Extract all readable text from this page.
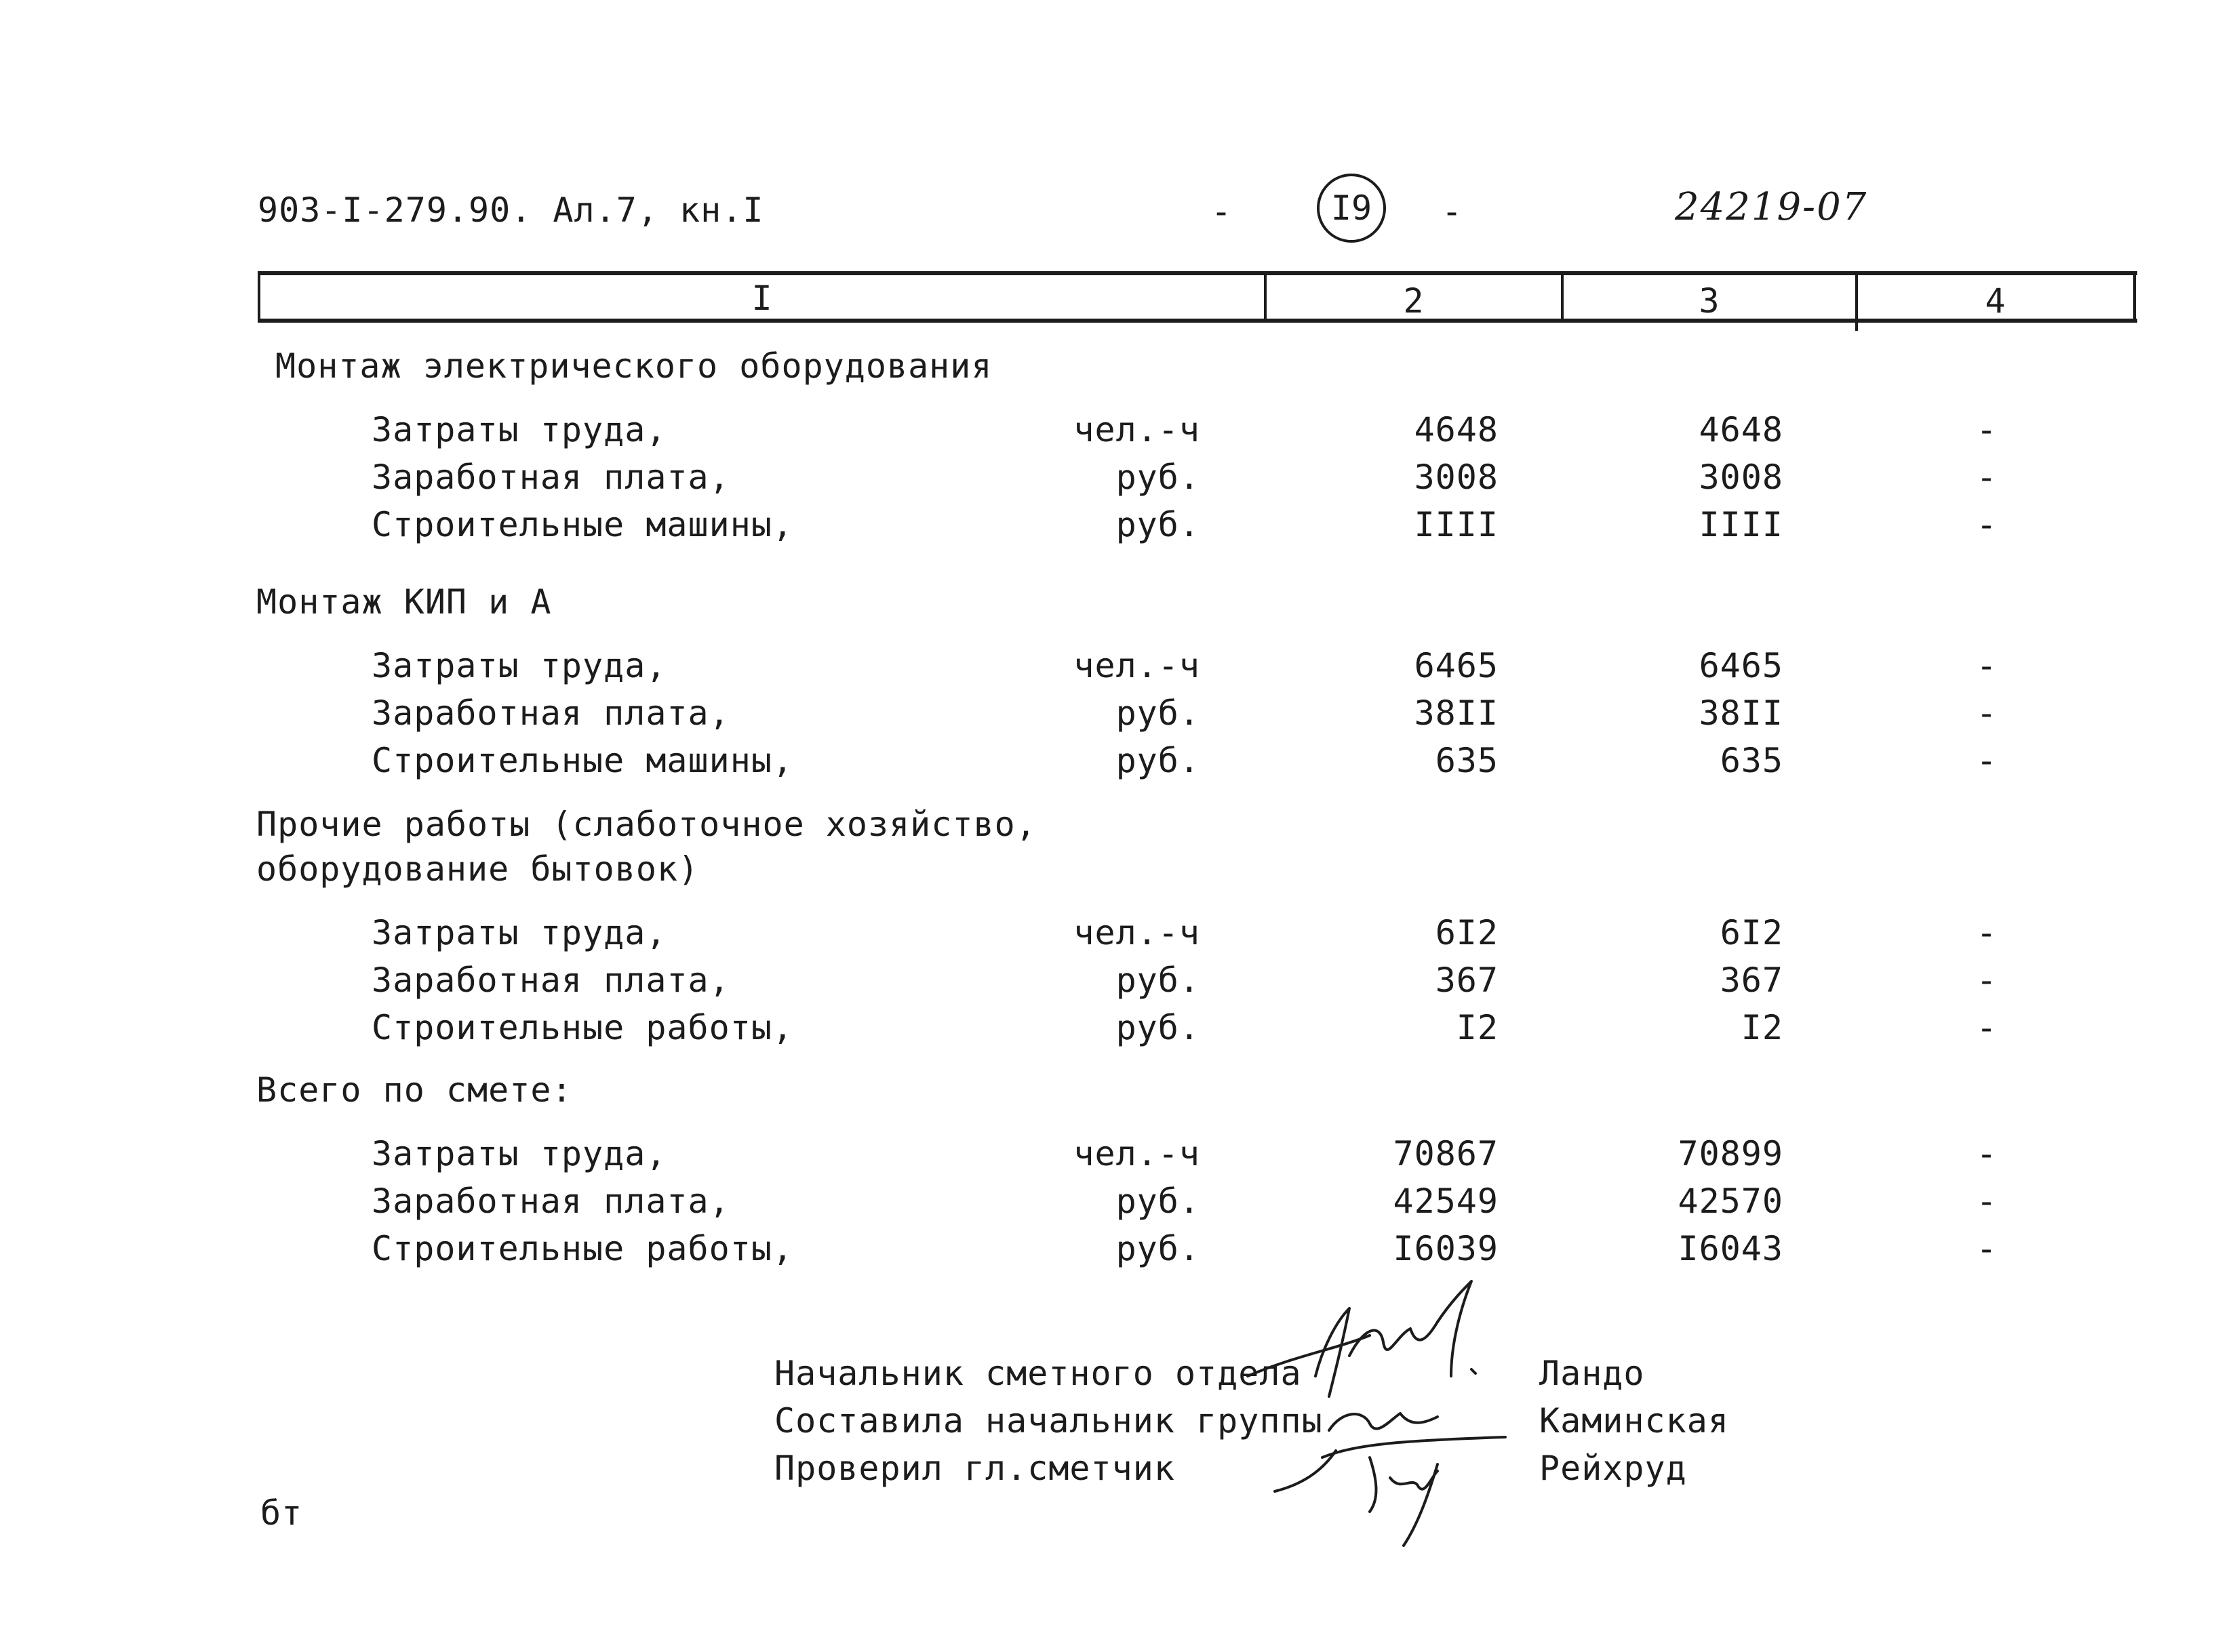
903-I-279.90. Ал.7, кн.I	-	I9 -	24219-07
I	2	3	4
Монтаж электрического оборудования
Затраты труда,	чел.-ч	4648	4648	-
Заработная плата,	руб.	3008	3008	-
Строительные машины,	руб.	IIII	IIII	-
Монтаж КИП и А
Затраты труда,	чел.-ч	6465	6465	-
Заработная плата,	руб.	38II	38II	-
Строительные машины,	руб.	635	635	-
Прочие работы (слаботочное хозяйство,
оборудование бытовок)
Затраты труда,	чел.-ч	6I2	6I2	-
Заработная плата,	руб.	367	367	-
Строительные работы,	руб.	I2	I2	-
Всего по смете:
Затраты труда,	чел.-ч	70867	70899	-
Заработная плата,	руб.	42549	42570	-
Строительные работы,	руб.	I6039	I6043	-
Начальник сметного отдела	Ландо
Составила начальник группы	Каминская
Проверил гл.сметчик	Рейхруд
бт
